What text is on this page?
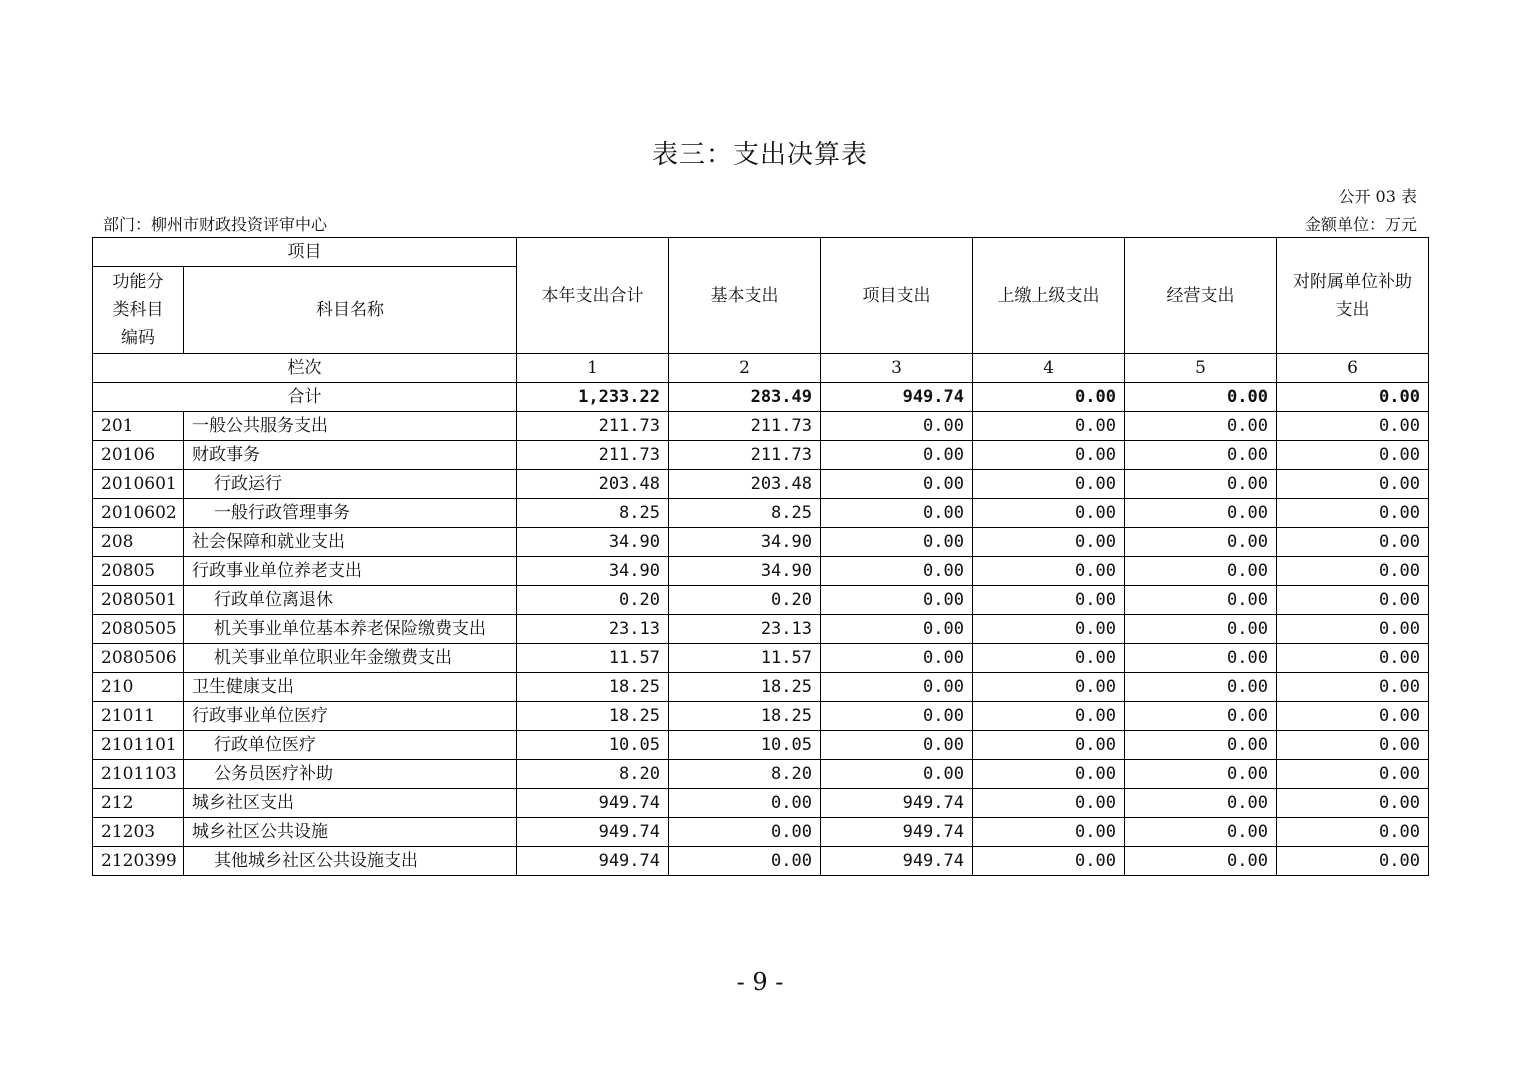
表三：支出决算表
公开 03 表
部门：柳州市财政投资评审中心	金额单位：万元
项目		本年支出合计	基本支出	项目支出	上缴上级支出	经营支出	对附属单位补助支出
功能分类科目编码	科目名称						
栏次		1	2	3	4	5	6
合计		1,233.22	283.49	949.74	0.00	0.00	0.00
201	一般公共服务支出	211.73	211.73	0.00	0.00	0.00	0.00
20106	财政事务	211.73	211.73	0.00	0.00	0.00	0.00
2010601	行政运行	203.48	203.48	0.00	0.00	0.00	0.00
2010602	一般行政管理事务	8.25	8.25	0.00	0.00	0.00	0.00
208	社会保障和就业支出	34.90	34.90	0.00	0.00	0.00	0.00
20805	行政事业单位养老支出	34.90	34.90	0.00	0.00	0.00	0.00
2080501	行政单位离退休	0.20	0.20	0.00	0.00	0.00	0.00
2080505	机关事业单位基本养老保险缴费支出	23.13	23.13	0.00	0.00	0.00	0.00
2080506	机关事业单位职业年金缴费支出	11.57	11.57	0.00	0.00	0.00	0.00
210	卫生健康支出	18.25	18.25	0.00	0.00	0.00	0.00
21011	行政事业单位医疗	18.25	18.25	0.00	0.00	0.00	0.00
2101101	行政单位医疗	10.05	10.05	0.00	0.00	0.00	0.00
2101103	公务员医疗补助	8.20	8.20	0.00	0.00	0.00	0.00
212	城乡社区支出	949.74	0.00	949.74	0.00	0.00	0.00
21203	城乡社区公共设施	949.74	0.00	949.74	0.00	0.00	0.00
2120399	其他城乡社区公共设施支出	949.74	0.00	949.74	0.00	0.00	0.00
- 9 -
